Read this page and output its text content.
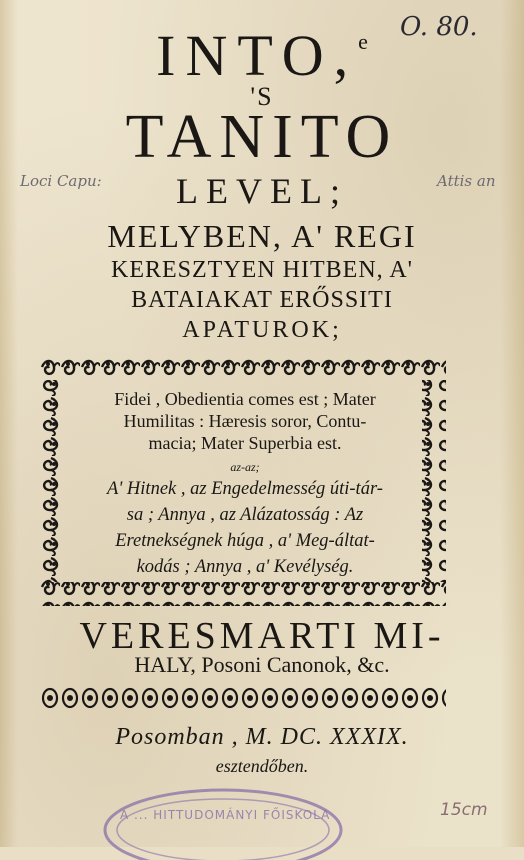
O. 80.
INTO,$^e$
'S
TANITO
Loci Capu:	Attis an
LEVEL;
MELYBEN, A' REGI
KERESZTYEN HITBEN, A'
BATAIAKAT ERŐSSITI
APATUROK;
Fidei , Obedientia comes est ; Mater
Humilitas : Hæresis soror, Contu-
macia; Mater Superbia est.
az-az;
A' Hitnek , az Engedelmesség úti-tár-
sa ; Annya , az Alázatosság : Az
Eretnekségnek húga , a' Meg-áltat-
kodás ; Annya , a' Kevélység.
VERESMARTI MI-
HALY, Posoni Canonok, &c.
Posomban , M. DC. XXXIX.
esztendőben.
A ... HITTUDOMÁNYI FŐISKOLA	15cm
